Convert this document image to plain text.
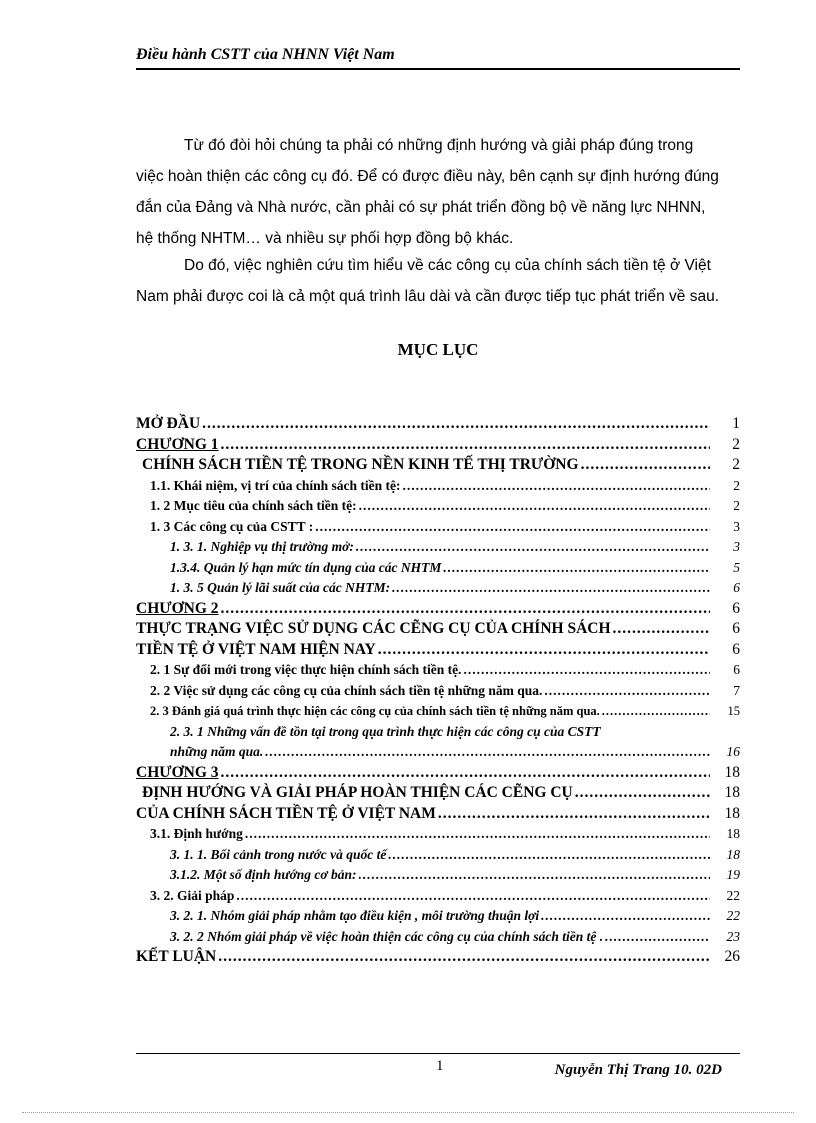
Điều hành CSTT của NHNN Việt Nam
Từ đó đòi hỏi chúng ta phải có những định hướng và giải pháp đúng trong
việc hoàn thiện các công cụ đó. Để có được điều này, bên cạnh sự định hướng đúng
đắn của Đảng và Nhà nước, cần phải có sự phát triển đồng bộ về năng lực NHNN,
hệ thống NHTM… và nhiều sự phối hợp đồng bộ khác.
Do đó, việc nghiên cứu tìm hiểu về các công cụ của chính sách tiền tệ ở Việt
Nam phải được coi là cả một quá trình lâu dài và cần được tiếp tục phát triển về sau.
MỤC LỤC
MỞ ĐẦU .....	1
CHƯƠNG 1 .....	2
CHÍNH SÁCH TIỀN TỆ TRONG NỀN KINH TẾ THỊ TRƯỜNG .....	2
1.1. Khái niệm, vị trí của chính sách tiền tệ: .....	2
1. 2 Mục tiêu của chính sách tiền tệ: .....	2
1. 3 Các công cụ của CSTT : .....	3
1. 3. 1. Nghiệp vụ thị trường mở: .....	3
1.3.4. Quản lý hạn mức tín dụng của các NHTM .....	5
1. 3. 5 Quản lý lãi suất của các NHTM: .....	6
CHƯƠNG 2 .....	6
THỰC TRẠNG VIỆC SỬ DỤNG CÁC CẼNG CỤ CỦA CHÍNH SÁCH .....	6
TIỀN TỆ Ở VIỆT NAM HIỆN NAY .....	6
2. 1 Sự đổi mới trong việc thực hiện chính sách tiền tệ. .....	6
2. 2 Việc sử dụng các công cụ của chính sách tiền tệ những năm qua. .....	7
2. 3 Đánh giá quá trình thực hiện các công cụ của chính sách tiền tệ những năm qua. .....	15
2. 3. 1 Những vấn đề tồn tại trong qụa trình thực hiện các công cụ của CSTT
những năm qua. .....	16
CHƯƠNG 3 .....	18
ĐỊNH HƯỚNG VÀ GIẢI PHÁP HOÀN THIỆN CÁC CẼNG CỤ .....	18
CỦA CHÍNH SÁCH TIỀN TỆ Ở VIỆT NAM .....	18
3.1. Định hướng .....	18
3. 1. 1. Bối cảnh trong nước và quốc tế .....	18
3.1.2. Một số định hướng cơ bản: .....	19
3. 2. Giải pháp .....	22
3. 2. 1. Nhóm giải pháp nhằm tạo điều kiện , môi trường thuận lợi .....	22
3. 2. 2 Nhóm giải pháp về việc hoàn thiện các công cụ của chính sách tiền tệ . .....	23
KẾT LUẬN .....	26
1	Nguyễn Thị Trang 10. 02D
